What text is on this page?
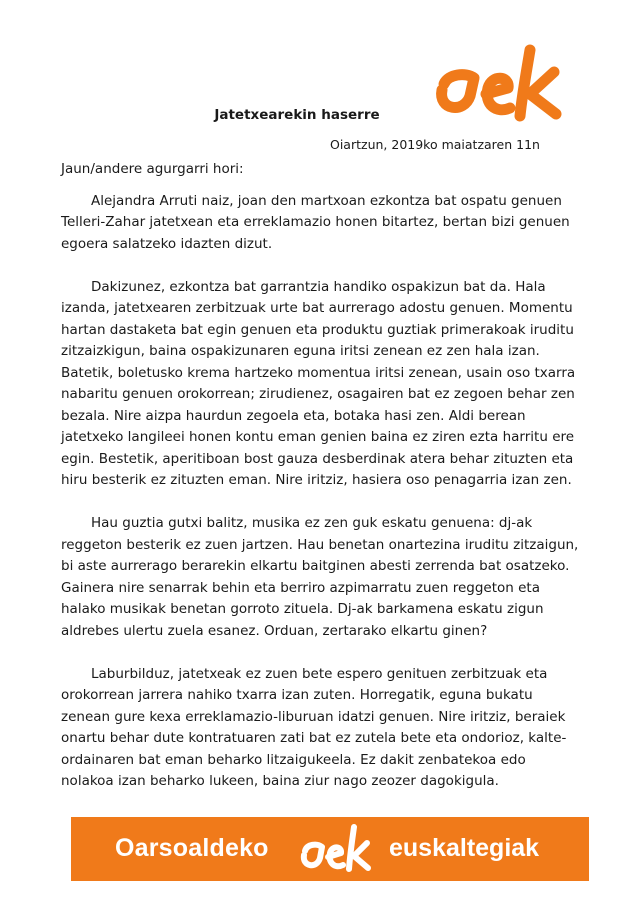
Jatetxearekin haserre
Oiartzun, 2019ko maiatzaren 11n

Jaun/andere agurgarri hori:

Alejandra Arruti naiz, joan den martxoan ezkontza bat ospatu genuen Telleri-Zahar jatetxean eta erreklamazio honen bitartez, bertan bizi genuen egoera salatzeko idazten dizut.

Dakizunez, ezkontza bat garrantzia handiko ospakizun bat da. Hala izanda, jatetxearen zerbitzuak urte bat aurrerago adostu genuen. Momentu hartan dastaketa bat egin genuen eta produktu guztiak primerakoak iruditu zitzaizkigun, baina ospakizunaren eguna iritsi zenean ez zen hala izan. Batetik, boletusko krema hartzeko momentua iritsi zenean, usain oso txarra nabaritu genuen orokorrean; zirudienez, osagairen bat ez zegoen behar zen bezala. Nire aizpa haurdun zegoela eta, botaka hasi zen. Aldi berean jatetxeko langileei honen kontu eman genien baina ez ziren ezta harritu ere egin. Bestetik, aperitiboan bost gauza desberdinak atera behar zituzten eta hiru besterik ez zituzten eman. Nire iritziz, hasiera oso penagarria izan zen.

Hau guztia gutxi balitz, musika ez zen guk eskatu genuena: dj-ak reggeton besterik ez zuen jartzen. Hau benetan onartezina iruditu zitzaigun, bi aste aurrerago berarekin elkartu baitginen abesti zerrenda bat osatzeko. Gainera nire senarrak behin eta berriro azpimarratu zuen reggeton eta halako musikak benetan gorroto zituela. Dj-ak barkamena eskatu zigun aldrebes ulertu zuela esanez. Orduan, zertarako elkartu ginen?

Laburbilduz, jatetxeak ez zuen bete espero genituen zerbitzuak eta orokorrean jarrera nahiko txarra izan zuten. Horregatik, eguna bukatu zenean gure kexa erreklamazio-liburuan idatzi genuen. Nire iritziz, beraiek onartu behar dute kontratuaren zati bat ez zutela bete eta ondorioz, kalte-ordainaren bat eman beharko litzaigukeela. Ez dakit zenbatekoa edo nolakoa izan beharko lukeen, baina ziur nago zeozer dagokigula.

Oarsoaldeko	euskaltegiak
